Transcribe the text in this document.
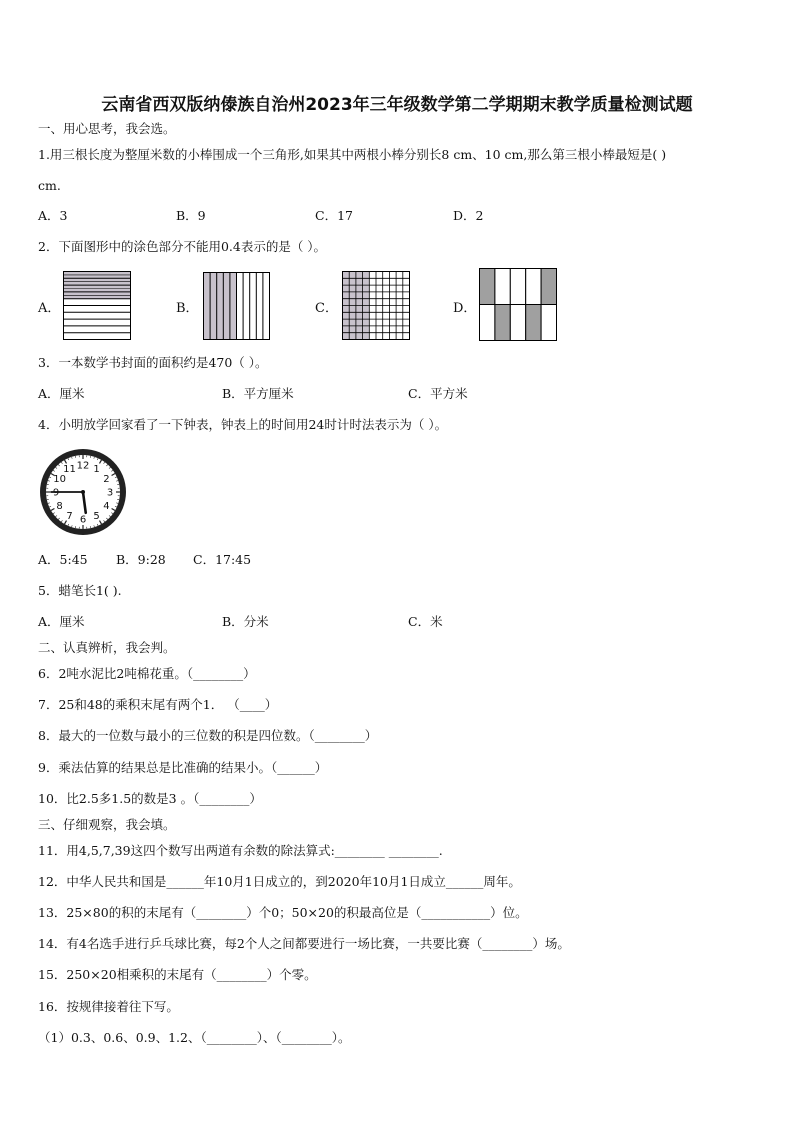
云南省西双版纳傣族自治州2023年三年级数学第二学期期末教学质量检测试题
一、用心思考，我会选。
1.用三根长度为整厘米数的小棒围成一个三角形,如果其中两根小棒分别长8 cm、10 cm,那么第三根小棒最短是( )
cm.
A．3	B．9	C．17	D．2
2．下面图形中的涂色部分不能用0.4表示的是（ ）。
A．	B．	C．	D．
3．一本数学书封面的面积约是470（ ）。
A．厘米	B．平方厘米	C．平方米
4．小明放学回家看了一下钟表，钟表上的时间用24时计时法表示为（ ）。
12 1
2
3
4
5
6
7
8
9
10
11
A．5:45 B．9:28 C．17:45
5．蜡笔长1( ).
A．厘米	B．分米	C．米
二、认真辨析，我会判。
6．2吨水泥比2吨棉花重。（________）
7．25和48的乘积末尾有两个1． （____）
8．最大的一位数与最小的三位数的积是四位数。（________）
9．乘法估算的结果总是比准确的结果小。（______）
10．比2.5多1.5的数是3 。（________）
三、仔细观察，我会填。
11．用4,5,7,39这四个数写出两道有余数的除法算式:________ ________.
12．中华人民共和国是______年10月1日成立的，到2020年10月1日成立______周年。
13．25×80的积的末尾有（________）个0；50×20的积最高位是（___________）位。
14．有4名选手进行乒乓球比赛，每2个人之间都要进行一场比赛，一共要比赛（________）场。
15．250×20相乘积的末尾有（________）个零。
16．按规律接着往下写。
（1）0.3、0.6、0.9、1.2、（________）、（________）。
